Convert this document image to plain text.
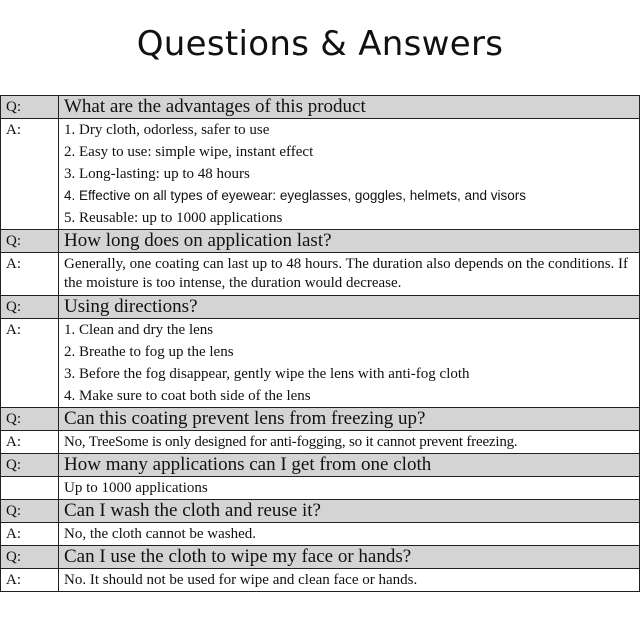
Questions & Answers
Q:	What are the advantages of this product
A:	1. Dry cloth, odorless, safer to use
2. Easy to use: simple wipe, instant effect
3. Long-lasting: up to 48 hours
4. Effective on all types of eyewear: eyeglasses, goggles, helmets, and visors
5. Reusable: up to 1000 applications

Q:	How long does on application last?
A:	Generally, one coating can last up to 48 hours. The duration also depends on the conditions. If the moisture is too intense, the duration would decrease.

Q:	Using directions?
A:	1. Clean and dry the lens
2. Breathe to fog up the lens
3. Before the fog disappear, gently wipe the lens with anti-fog cloth
4. Make sure to coat both side of the lens

Q:	Can this coating prevent lens from freezing up?
A:	No, TreeSome is only designed for anti-fogging, so it cannot prevent freezing.
Q:	How many applications can I get from one cloth
	Up to 1000 applications
Q:	Can I wash the cloth and reuse it?
A:	No, the cloth cannot be washed.
Q:	Can I use the cloth to wipe my face or hands?
A:	No. It should not be used for wipe and clean face or hands.
